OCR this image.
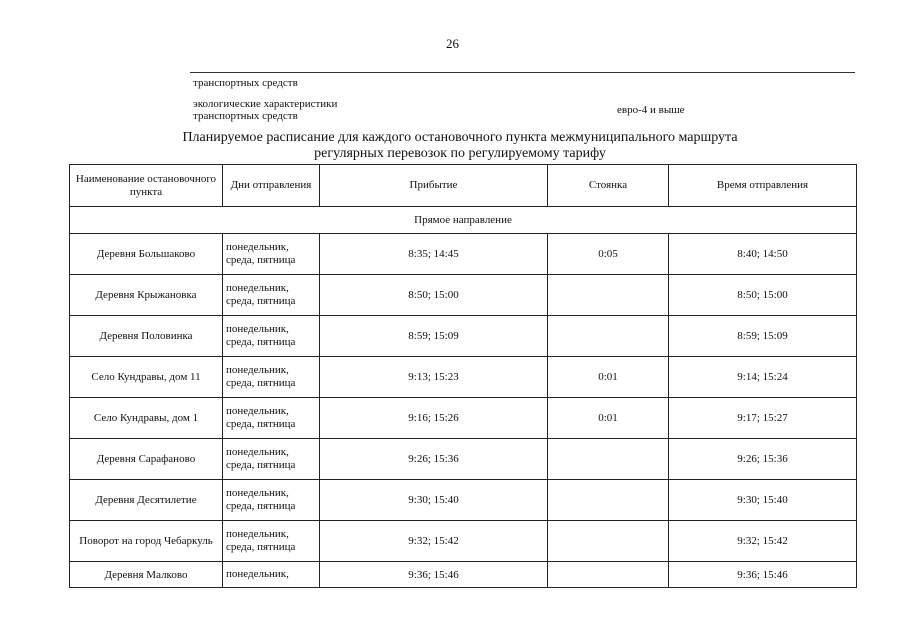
26
транспортных средств
экологические характеристики
транспортных средств	евро-4 и выше
Планируемое расписание для каждого остановочного пункта межмуниципального маршрута
регулярных перевозок по регулируемому тарифу
Наименование остановочного пункта	Дни отправления	Прибытие	Стоянка	Время отправления
Прямое направление				
Деревня Большаково	понедельник, среда, пятница	8:35; 14:45	0:05	8:40; 14:50
Деревня Крыжановка	понедельник, среда, пятница	8:50; 15:00		8:50; 15:00
Деревня Половинка	понедельник, среда, пятница	8:59; 15:09		8:59; 15:09
Село Кундравы, дом 11	понедельник, среда, пятница	9:13; 15:23	0:01	9:14; 15:24
Село Кундравы, дом 1	понедельник, среда, пятница	9:16; 15:26	0:01	9:17; 15:27
Деревня Сарафаново	понедельник, среда, пятница	9:26; 15:36		9:26; 15:36
Деревня Десятилетие	понедельник, среда, пятница	9:30; 15:40		9:30; 15:40
Поворот на город Чебаркуль	понедельник, среда, пятница	9:32; 15:42		9:32; 15:42
Деревня Малково	понедельник,	9:36; 15:46		9:36; 15:46
